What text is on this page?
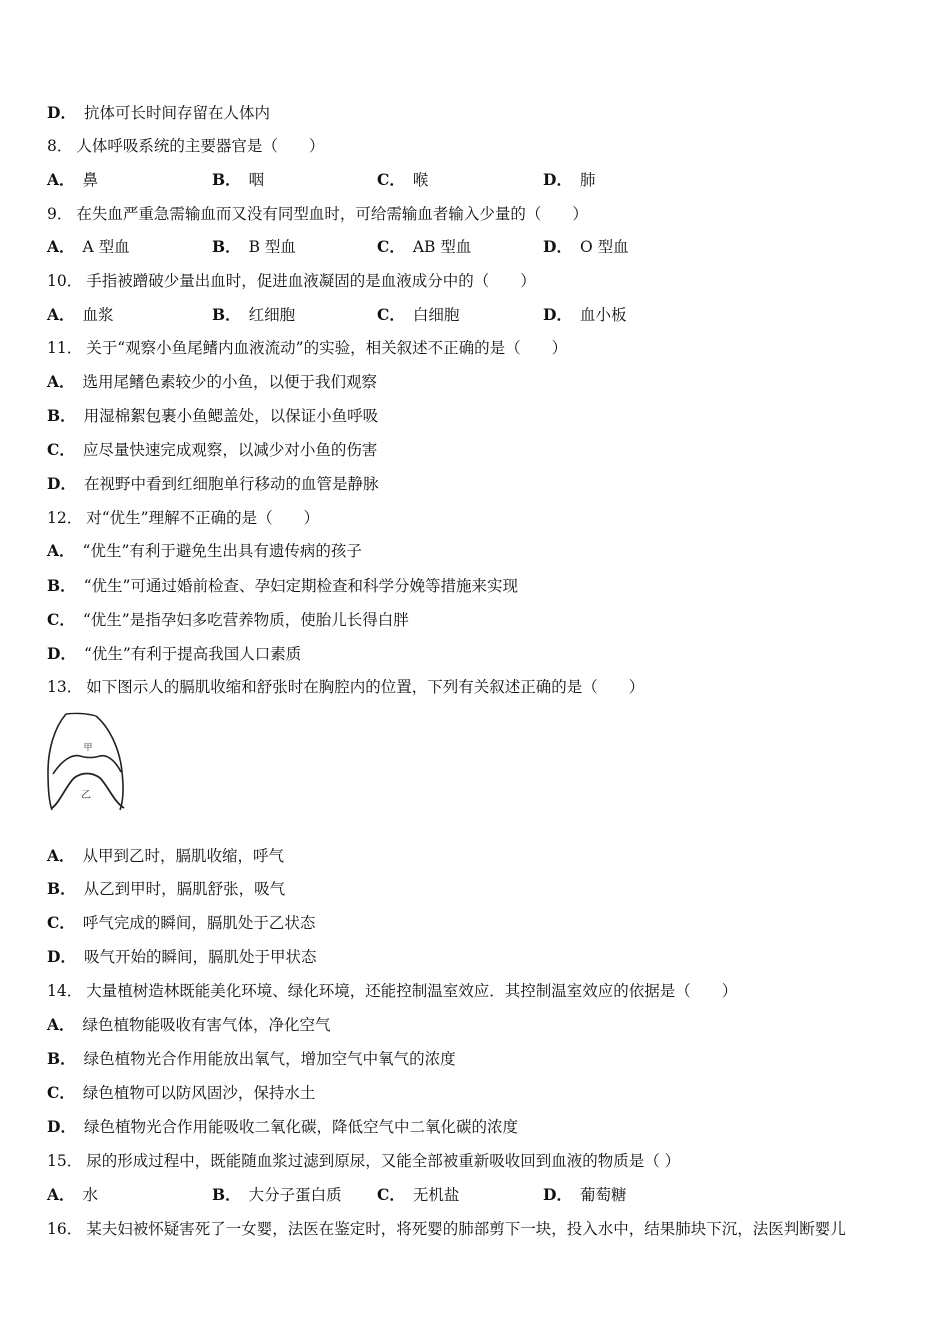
D． 抗体可长时间存留在人体内
8． 人体呼吸系统的主要器官是（　　）
A． 鼻	B． 咽	C． 喉	D． 肺
9． 在失血严重急需输血而又没有同型血时，可给需输血者输入少量的（　　）
A． A 型血	B． B 型血	C． AB 型血	D． O 型血
10． 手指被蹭破少量出血时，促进血液凝固的是血液成分中的（　　）
A． 血浆	B． 红细胞	C． 白细胞	D． 血小板
11． 关于“观察小鱼尾鳍内血液流动”的实验，相关叙述不正确的是（　　）
A． 选用尾鳍色素较少的小鱼，以便于我们观察
B． 用湿棉絮包裹小鱼鳃盖处，以保证小鱼呼吸
C． 应尽量快速完成观察，以减少对小鱼的伤害
D． 在视野中看到红细胞单行移动的血管是静脉
12． 对“优生”理解不正确的是（　　）
A． “优生”有利于避免生出具有遗传病的孩子
B． “优生”可通过婚前检查、孕妇定期检查和科学分娩等措施来实现
C． “优生”是指孕妇多吃营养物质，使胎儿长得白胖
D． “优生”有利于提高我国人口素质
13． 如下图示人的膈肌收缩和舒张时在胸腔内的位置，下列有关叙述正确的是（　　）
甲
乙
A． 从甲到乙时，膈肌收缩，呼气
B． 从乙到甲时，膈肌舒张，吸气
C． 呼气完成的瞬间，膈肌处于乙状态
D． 吸气开始的瞬间，膈肌处于甲状态
14． 大量植树造林既能美化环境、绿化环境，还能控制温室效应．其控制温室效应的依据是（　　）
A． 绿色植物能吸收有害气体，净化空气
B． 绿色植物光合作用能放出氧气，增加空气中氧气的浓度
C． 绿色植物可以防风固沙，保持水土
D． 绿色植物光合作用能吸收二氧化碳，降低空气中二氧化碳的浓度
15． 尿的形成过程中，既能随血浆过滤到原尿，又能全部被重新吸收回到血液的物质是（ ）
A． 水	B． 大分子蛋白质 C． 无机盐	D． 葡萄糖
16． 某夫妇被怀疑害死了一女婴，法医在鉴定时，将死婴的肺部剪下一块，投入水中，结果肺块下沉，法医判断婴儿
